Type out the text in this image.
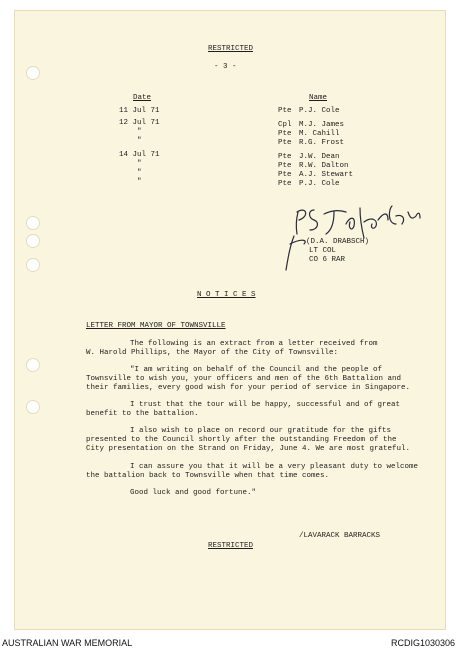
RESTRICTED
- 3 -
Date	Name
11 Jul 71	Pte P.J. Cole
12 Jul 71	Cpl M.J. James
"	Pte M. Cahill
"	Pte R.G. Frost
14 Jul 71	Pte J.W. Dean
"	Pte R.W. Dalton
"	Pte A.J. Stewart
"	Pte P.J. Cole
(D.A. DRABSCH)
LT COL
CO 6 RAR
N O T I C E S
LETTER FROM MAYOR OF TOWNSVILLE
The following is an extract from a letter received from
W. Harold Phillips, the Mayor of the City of Townsville:
"I am writing on behalf of the Council and the people of
Townsville to wish you, your officers and men of the 6th Battalion and
their families, every good wish for your period of service in Singapore.
I trust that the tour will be happy, successful and of great
benefit to the battalion.
I also wish to place on record our gratitude for the gifts
presented to the Council shortly after the outstanding Freedom of the
City presentation on the Strand on Friday, June 4. We are most grateful.
I can assure you that it will be a very pleasant duty to welcome
the battalion back to Townsville when that time comes.
Good luck and good fortune."
/LAVARACK BARRACKS
RESTRICTED
AUSTRALIAN WAR MEMORIAL	RCDIG1030306
